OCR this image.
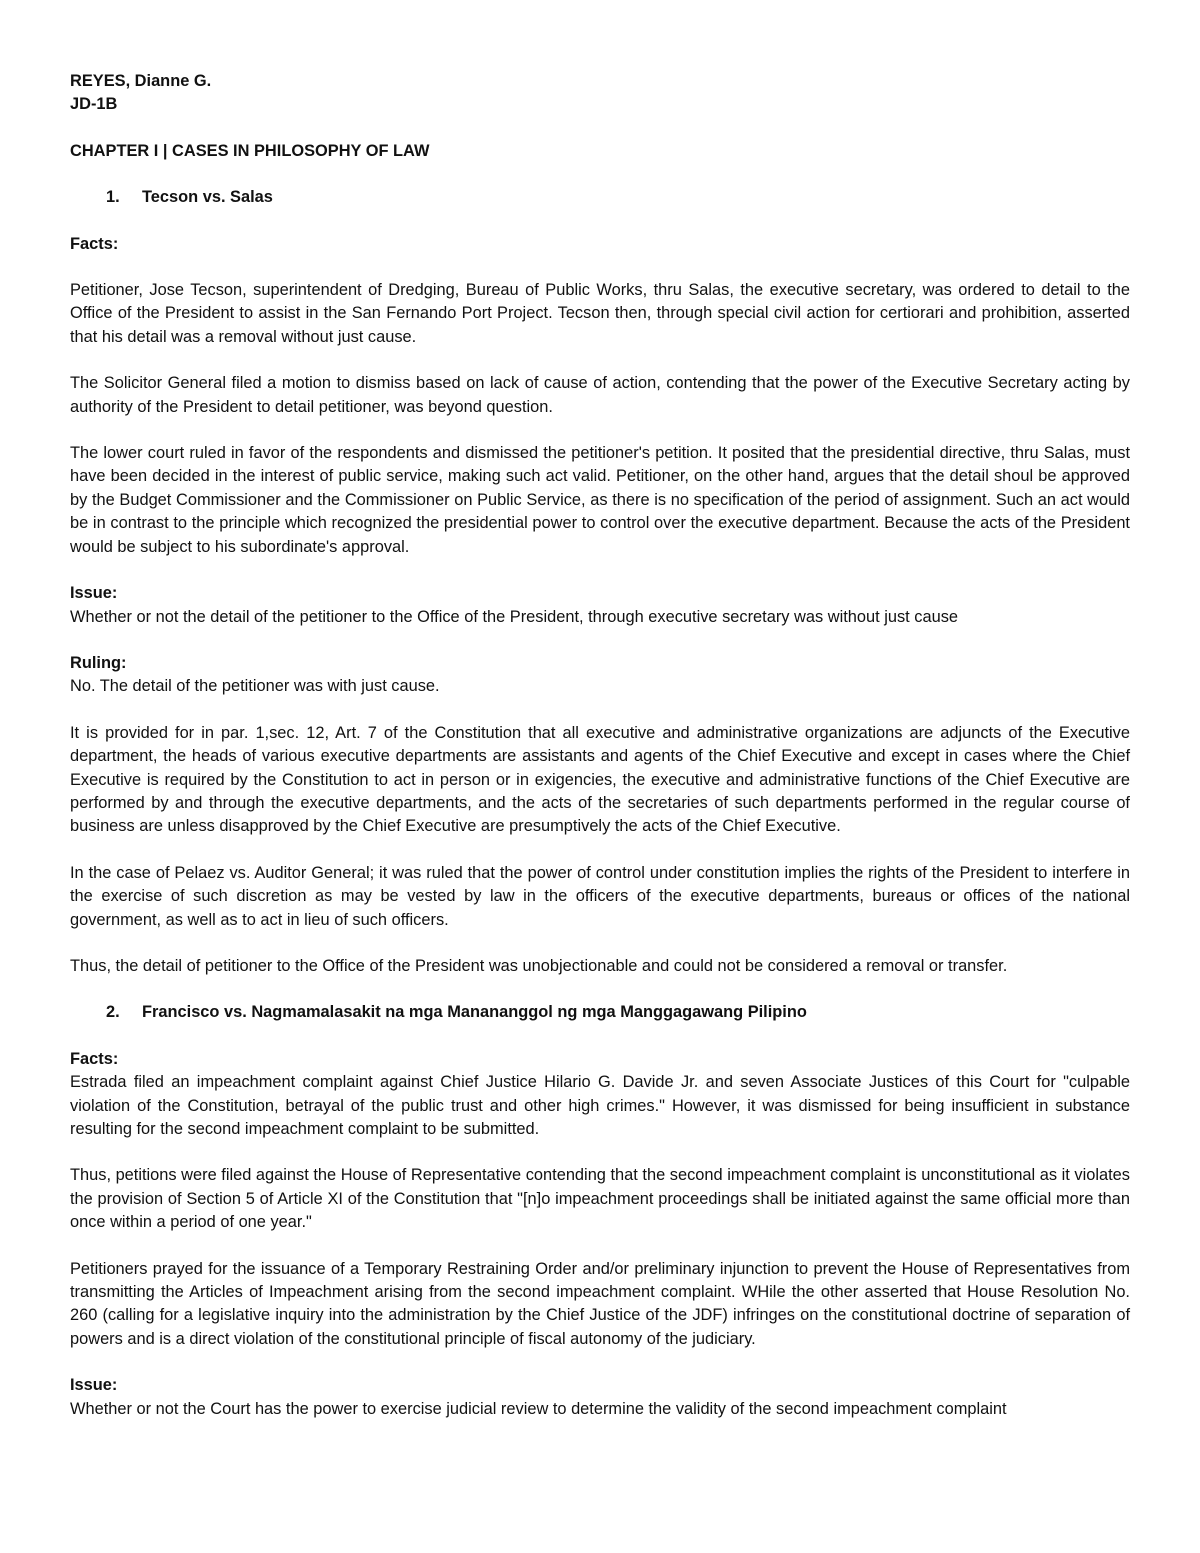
REYES, Dianne G.
JD-1B
CHAPTER I | CASES IN PHILOSOPHY OF LAW
1.	Tecson vs. Salas
Facts:

Petitioner, Jose Tecson, superintendent of Dredging, Bureau of Public Works, thru Salas, the executive secretary, was ordered to detail to the Office of the President to assist in the San Fernando Port Project. Tecson then, through special civil action for certiorari and prohibition, asserted that his detail was a removal without just cause.

The Solicitor General filed a motion to dismiss based on lack of cause of action, contending that the power of the Executive Secretary acting by authority of the President to detail petitioner, was beyond question.

The lower court ruled in favor of the respondents and dismissed the petitioner's petition. It posited that the presidential directive, thru Salas, must have been decided in the interest of public service, making such act valid. Petitioner, on the other hand, argues that the detail shoul be approved by the Budget Commissioner and the Commissioner on Public Service, as there is no specification of the period of assignment. Such an act would be in contrast to the principle which recognized the presidential power to control over the executive department. Because the acts of the President would be subject to his subordinate's approval.

Issue:

Whether or not the detail of the petitioner to the Office of the President, through executive secretary was without just cause

Ruling:

No. The detail of the petitioner was with just cause.

It is provided for in par. 1,sec. 12, Art. 7 of the Constitution that all executive and administrative organizations are adjuncts of the Executive department, the heads of various executive departments are assistants and agents of the Chief Executive and except in cases where the Chief Executive is required by the Constitution to act in person or in exigencies, the executive and administrative functions of the Chief Executive are performed by and through the executive departments, and the acts of the secretaries of such departments performed in the regular course of business are unless disapproved by the Chief Executive are presumptively the acts of the Chief Executive.

In the case of Pelaez vs. Auditor General; it was ruled that the power of control under constitution implies the rights of the President to interfere in the exercise of such discretion as may be vested by law in the officers of the executive departments, bureaus or offices of the national government, as well as to act in lieu of such officers.

Thus, the detail of petitioner to the Office of the President was unobjectionable and could not be considered a removal or transfer.

2.	Francisco vs. Nagmamalasakit na mga Manananggol ng mga Manggagawang Pilipino
Facts:

Estrada filed an impeachment complaint against Chief Justice Hilario G. Davide Jr. and seven Associate Justices of this Court for "culpable violation of the Constitution, betrayal of the public trust and other high crimes." However, it was dismissed for being insufficient in substance resulting for the second impeachment complaint to be submitted.

Thus, petitions were filed against the House of Representative contending that the second impeachment complaint is unconstitutional as it violates the provision of Section 5 of Article XI of the Constitution that "[n]o impeachment proceedings shall be initiated against the same official more than once within a period of one year."

Petitioners prayed for the issuance of a Temporary Restraining Order and/or preliminary injunction to prevent the House of Representatives from transmitting the Articles of Impeachment arising from the second impeachment complaint. WHile the other asserted that House Resolution No. 260 (calling for a legislative inquiry into the administration by the Chief Justice of the JDF) infringes on the constitutional doctrine of separation of powers and is a direct violation of the constitutional principle of fiscal autonomy of the judiciary.

Issue:

Whether or not the Court has the power to exercise judicial review to determine the validity of the second impeachment complaint
